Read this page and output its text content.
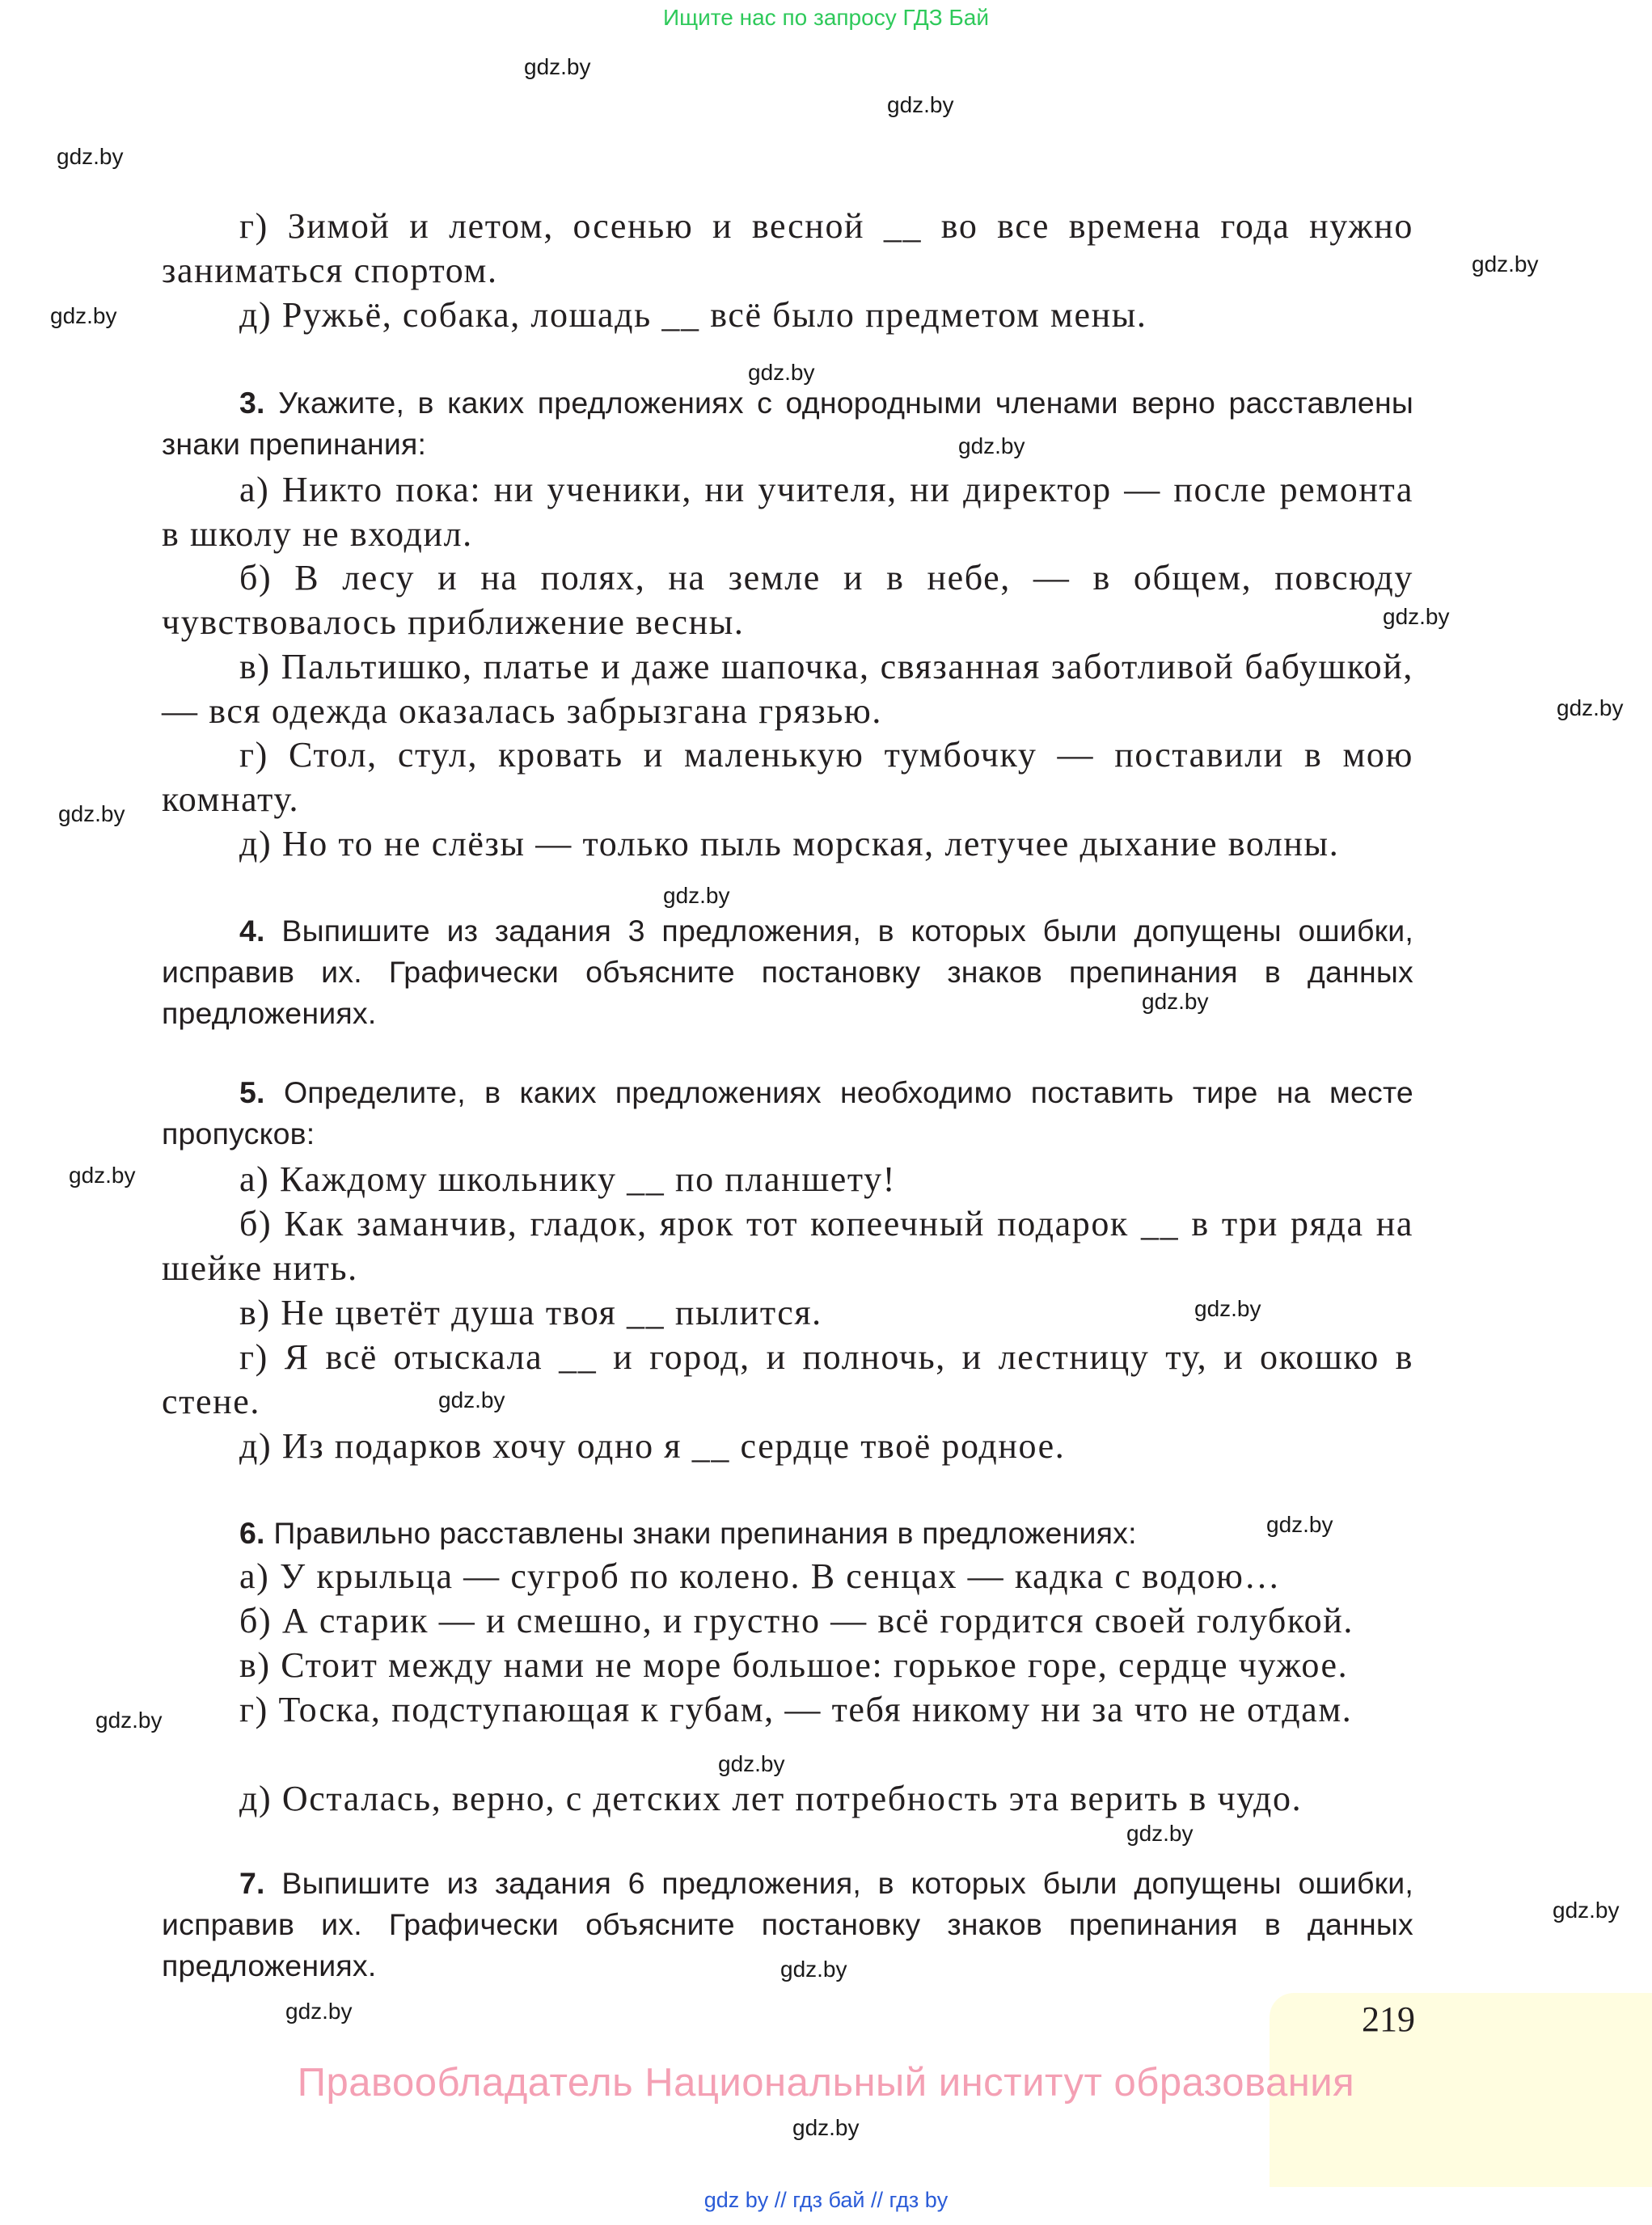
Ищите нас по запросу ГДЗ Бай
gdz.by
gdz.by
gdz.by
gdz.by
gdz.by
gdz.by
gdz.by
gdz.by
gdz.by
gdz.by
gdz.by
gdz.by
gdz.by
gdz.by
gdz.by
gdz.by
gdz.by
gdz.by
gdz.by
gdz.by
gdz.by
gdz.by
gdz.by

г) Зимой и летом, осенью и весной __ во все времена года нужно заниматься спортом.

д) Ружьё, собака, лошадь __ всё было предметом мены.

3. Укажите, в каких предложениях с однородными членами верно расставлены знаки препинания:

а) Никто пока: ни ученики, ни учителя, ни директор — после ремонта в школу не входил.

б) В лесу и на полях, на земле и в небе, — в общем, повсюду чувствовалось приближение весны.

в) Пальтишко, платье и даже шапочка, связанная заботливой бабушкой, — вся одежда оказалась забрызгана грязью.

г) Стол, стул, кровать и маленькую тумбочку — поставили в мою комнату.

д) Но то не слёзы — только пыль морская, летучее дыхание волны.

4. Выпишите из задания 3 предложения, в которых были допущены ошибки, исправив их. Графически объясните постановку знаков препинания в данных предложениях.

5. Определите, в каких предложениях необходимо поставить тире на месте пропусков:

а) Каждому школьнику __ по планшету!

б) Как заманчив, гладок, ярок тот копеечный подарок __ в три ряда на шейке нить.

в) Не цветёт душа твоя __ пылится.

г) Я всё отыскала __ и город, и полночь, и лестницу ту, и окошко в стене.

д) Из подарков хочу одно я __ сердце твоё родное.

6. Правильно расставлены знаки препинания в предложениях:

а) У крыльца — сугроб по колено. В сенцах — кадка с водою…

б) А старик — и смешно, и грустно — всё гордится своей голубкой.

в) Стоит между нами не море большое: горькое горе, сердце чужое.

г) Тоска, подступающая к губам, — тебя никому ни за что не отдам.

д) Осталась, верно, с детских лет потребность эта верить в чудо.

7. Выпишите из задания 6 предложения, в которых были допущены ошибки, исправив их. Графически объясните постановку знаков препинания в данных предложениях.

219
Правообладатель Национальный институт образования
gdz by // гдз бай // гдз by
